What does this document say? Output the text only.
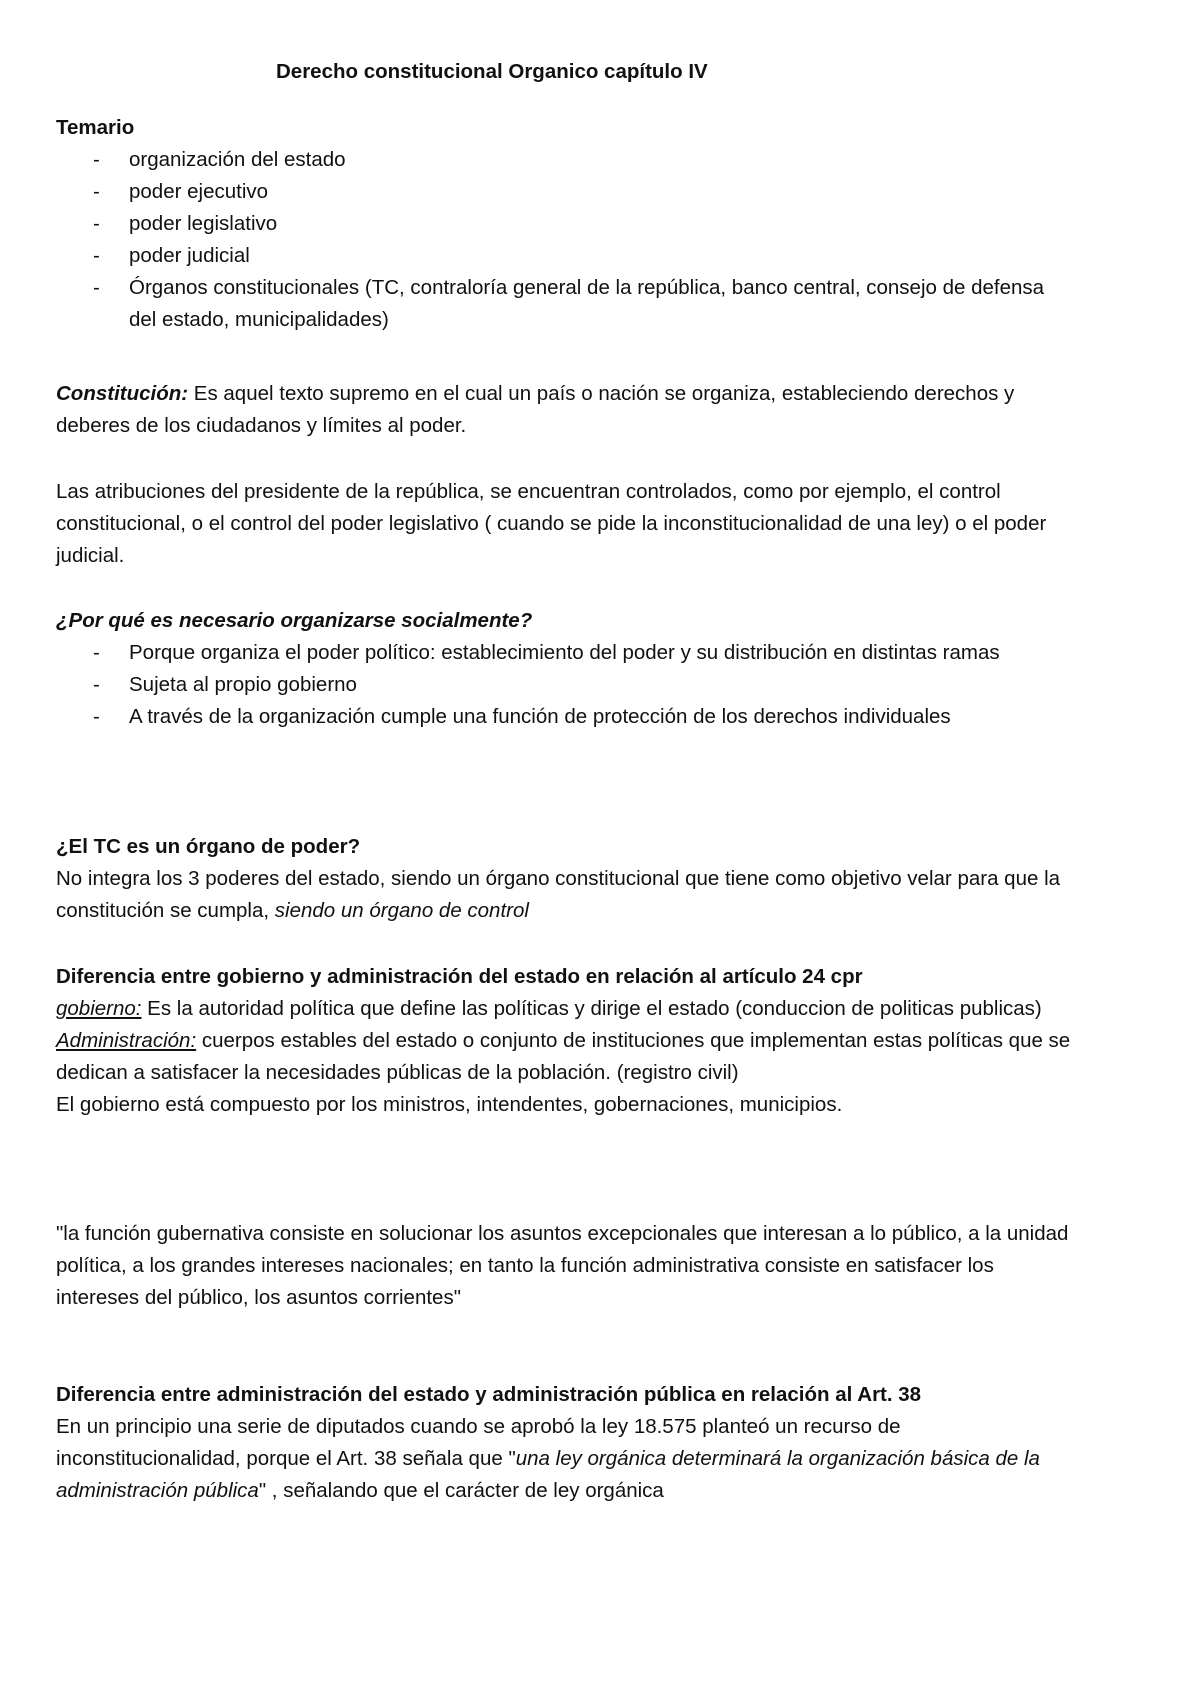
Derecho constitucional Organico capítulo IV

Temario

- organización del estado
- poder ejecutivo
- poder legislativo
- poder judicial
- Órganos constitucionales (TC, contraloría general de la república, banco central, consejo de defensa del estado, municipalidades)

Constitución: Es aquel texto supremo en el cual un país o nación se organiza, estableciendo derechos y deberes de los ciudadanos y límites al poder.

Las atribuciones del presidente de la república, se encuentran controlados, como por ejemplo, el control constitucional, o el control del poder legislativo ( cuando se pide la inconstitucionalidad de una ley) o el poder judicial.

¿Por qué es necesario organizarse socialmente?

- Porque organiza el poder político: establecimiento del poder y su distribución en distintas ramas
- Sujeta al propio gobierno
- A través de la organización cumple una función de protección de los derechos individuales

¿El TC es un órgano de poder?

No integra los 3 poderes del estado, siendo un órgano constitucional que tiene como objetivo velar para que la constitución se cumpla, siendo un órgano de control

Diferencia entre gobierno y administración del estado en relación al artículo 24 cpr

gobierno: Es la autoridad política que define las políticas y dirige el estado (conduccion de politicas publicas)

Administración: cuerpos estables del estado o conjunto de instituciones que implementan estas políticas que se dedican a satisfacer la necesidades públicas de la población. (registro civil)

El gobierno está compuesto por los ministros, intendentes, gobernaciones, municipios.

"la función gubernativa consiste en solucionar los asuntos excepcionales que interesan a lo público, a la unidad política, a los grandes intereses nacionales; en tanto la función administrativa consiste en satisfacer los intereses del público, los asuntos corrientes"

Diferencia entre administración del estado y administración pública en relación al Art. 38

En un principio una serie de diputados cuando se aprobó la ley 18.575 planteó un recurso de inconstitucionalidad, porque el Art. 38 señala que "una ley orgánica determinará la organización básica de la administración pública" , señalando que el carácter de ley orgánica
